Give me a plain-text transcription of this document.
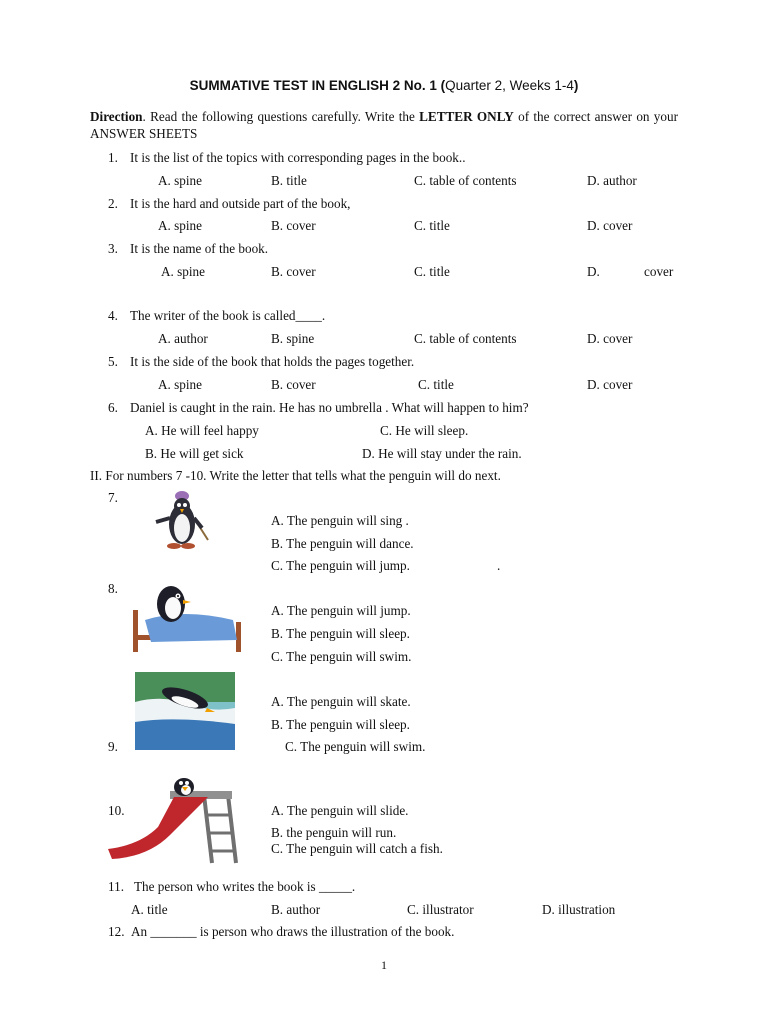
SUMMATIVE TEST IN ENGLISH 2 No. 1 (Quarter 2, Weeks 1-4)
Direction. Read the following questions carefully. Write the LETTER ONLY of the correct answer on your ANSWER SHEETS
1. It is the list of the topics with corresponding pages in the book..
A. spine	B. title	C. table of contents	D. author
2. It is the hard and outside part of the book,
A. spine	B. cover	C. title	D. cover
3. It is the name of the book.
A. spine	B. cover	C. title	D.	cover
4. The writer of the book is called____.
A. author	B. spine	C. table of contents	D. cover
5. It is the side of the book that holds the pages together.
A. spine	B. cover	C. title	D. cover
6. Daniel is caught in the rain. He has no umbrella . What will happen to him?
A. He will feel happy	C. He will sleep.
B. He will get sick	D. He will stay under the rain.
II. For numbers 7 -10. Write the letter that tells what the penguin will do next.
7.
A. The penguin will sing .
B. The penguin will dance.
C. The penguin will jump.	.
8.
A. The penguin will jump.
B. The penguin will sleep.
C. The penguin will swim.
A. The penguin will skate.
B. The penguin will sleep.
9.	C. The penguin will swim.
10.	A. The penguin will slide.
B. the penguin will run.
C. The penguin will catch a fish.
11. The person who writes the book is _____.
A. title	B. author	C. illustrator	D. illustration
12. An _______ is person who draws the illustration of the book.
1
